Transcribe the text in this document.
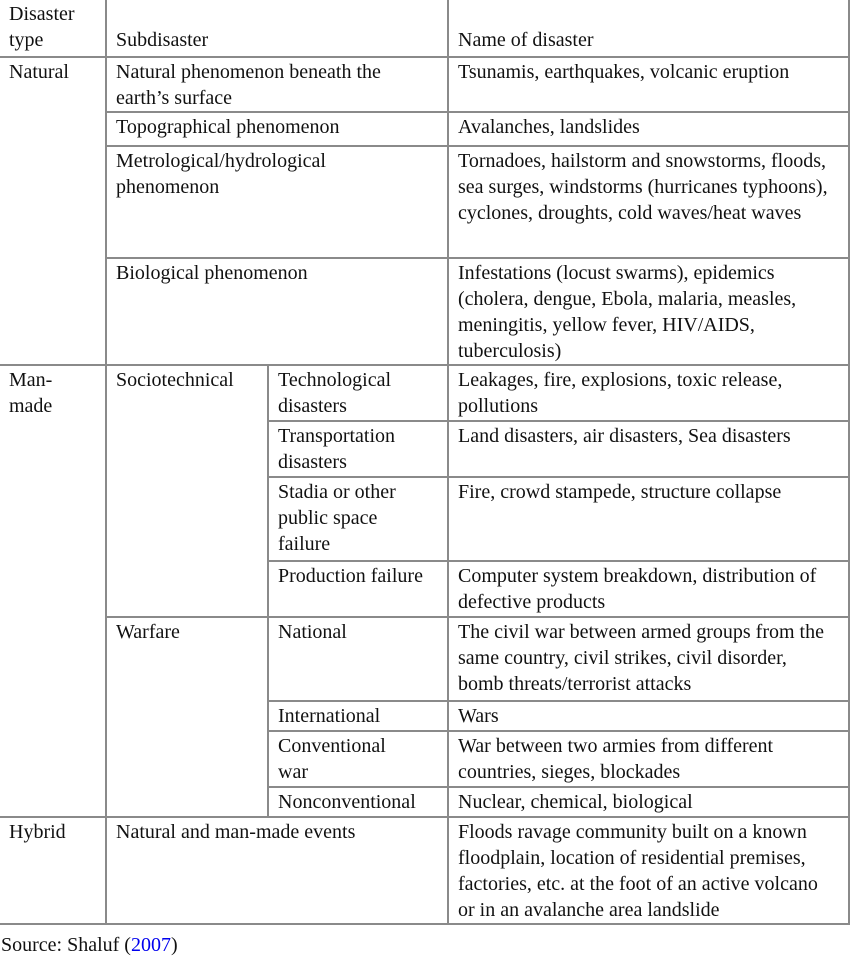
Disaster type	Subdisaster		Name of disaster
Natural	Natural phenomenon beneath the earth’s surface		Tsunamis, earthquakes, volcanic eruption
	Topographical phenomenon		Avalanches, landslides
	Metrological/hydrological phenomenon		Tornadoes, hailstorm and snowstorms, floods, sea surges, windstorms (hurricanes typhoons), cyclones, droughts, cold waves/heat waves
	Biological phenomenon		Infestations (locust swarms), epidemics (cholera, dengue, Ebola, malaria, measles, meningitis, yellow fever, HIV/AIDS, tuberculosis)
Man-made	Sociotechnical	Technological disasters	Leakages, fire, explosions, toxic release, pollutions
		Transportation disasters	Land disasters, air disasters, Sea disasters
		Stadia or other public space failure	Fire, crowd stampede, structure collapse
		Production failure	Computer system breakdown, distribution of defective products
	Warfare	National	The civil war between armed groups from the same country, civil strikes, civil disorder, bomb threats/terrorist attacks
		International	Wars

		Conventional war	War between two armies from different countries, sieges, blockades
		Nonconventional	Nuclear, chemical, biological
Hybrid	Natural and man-made events		Floods ravage community built on a known floodplain, location of residential premises, factories, etc. at the foot of an active volcano or in an avalanche area landslide

Source: Shaluf (2007)
